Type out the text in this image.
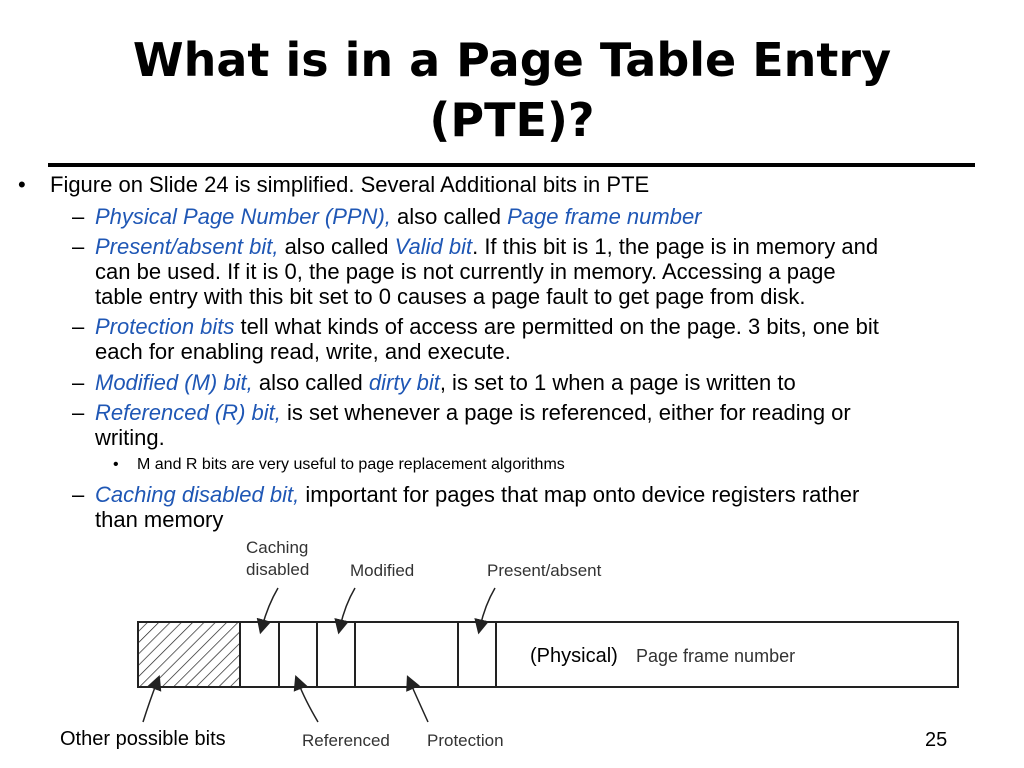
What is in a Page Table Entry
(PTE)?
• Figure on Slide 24 is simplified. Several Additional bits in PTE
– Physical Page Number (PPN), also called Page frame number
– Present/absent bit, also called Valid bit. If this bit is 1, the page is in memory and
can be used. If it is 0, the page is not currently in memory. Accessing a page
table entry with this bit set to 0 causes a page fault to get page from disk.
– Protection bits tell what kinds of access are permitted on the page. 3 bits, one bit
each for enabling read, write, and execute.
– Modified (M) bit, also called dirty bit, is set to 1 when a page is written to
– Referenced (R) bit, is set whenever a page is referenced, either for reading or
writing.
• M and R bits are very useful to page replacement algorithms
– Caching disabled bit, important for pages that map onto device registers rather
than memory
Caching
disabled Modified	Present/absent
(Physical) Page frame number
Referenced Protection
Other possible bits	25
